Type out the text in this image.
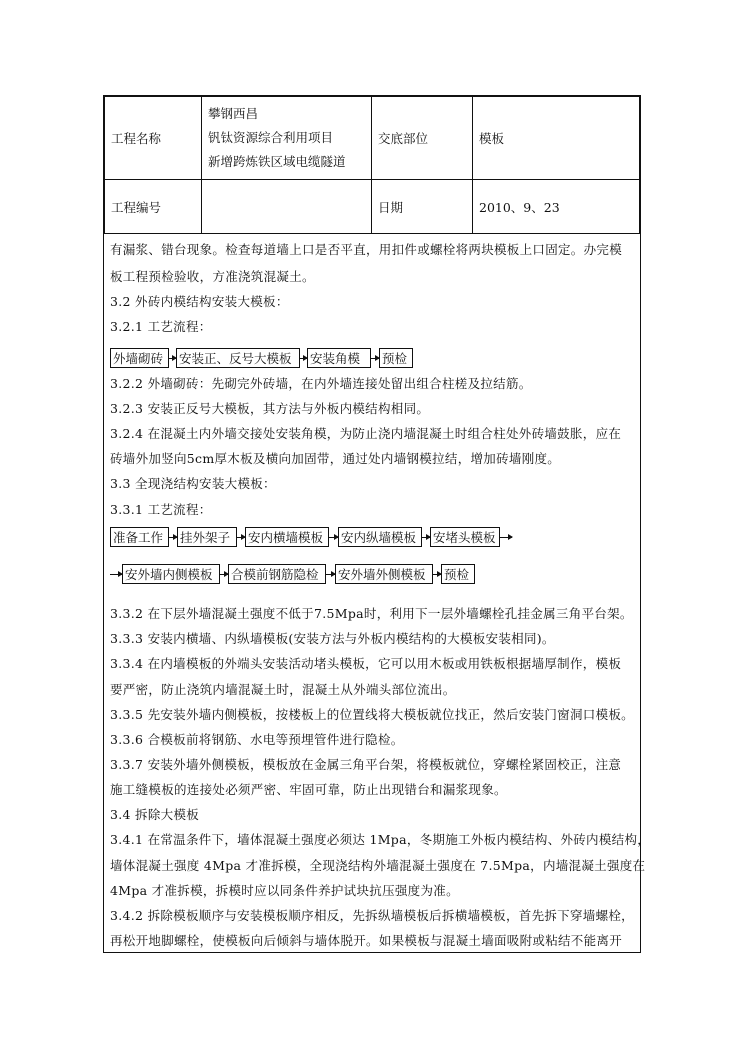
工程名称	攀钢西昌
钒钛资源综合利用项目
新增跨炼铁区域电缆隧道	交底部位	模板
工程编号		日期	2010、9、23
有漏浆、错台现象。检查每道墙上口是否平直，用扣件或螺栓将两块模板上口固定。办完模
板工程预检验收，方准浇筑混凝土。
3.2 外砖内模结构安装大模板：
3.2.1 工艺流程：
外墙砌砖	安装正、反号大模板	安装角模	预检
3.2.2 外墙砌砖：先砌完外砖墙，在内外墙连接处留出组合柱槎及拉结筋。
3.2.3 安装正反号大模板，其方法与外板内模结构相同。
3.2.4 在混凝土内外墙交接处安装角模，为防止浇内墙混凝土时组合柱处外砖墙鼓胀，应在
砖墙外加竖向5cm厚木板及横向加固带，通过处内墙钢模拉结，增加砖墙刚度。
3.3 全现浇结构安装大模板：
3.3.1 工艺流程：
准备工作	挂外架子	安内横墙模板	安内纵墙模板	安堵头模板
安外墙内侧模板	合模前钢筋隐检	安外墙外侧模板	预检
3.3.2 在下层外墙混凝土强度不低于7.5Mpa时，利用下一层外墙螺栓孔挂金属三角平台架。
3.3.3 安装内横墙、内纵墙模板(安装方法与外板内模结构的大模板安装相同)。
3.3.4 在内墙模板的外端头安装活动堵头模板，它可以用木板或用铁板根据墙厚制作，模板
要严密，防止浇筑内墙混凝土时，混凝土从外端头部位流出。
3.3.5 先安装外墙内侧模板，按楼板上的位置线将大模板就位找正，然后安装门窗洞口模板。
3.3.6 合模板前将钢筋、水电等预埋管件进行隐检。
3.3.7 安装外墙外侧模板，模板放在金属三角平台架，将模板就位，穿螺栓紧固校正，注意
施工缝模板的连接处必须严密、牢固可靠，防止出现错台和漏浆现象。
3.4 拆除大模板
3.4.1 在常温条件下，墙体混凝土强度必须达 1Mpa，冬期施工外板内模结构、外砖内模结构，
墙体混凝土强度 4Mpa 才准拆模，全现浇结构外墙混凝土强度在 7.5Mpa，内墙混凝土强度在
4Mpa 才准拆模，拆模时应以同条件养护试块抗压强度为准。
3.4.2 拆除模板顺序与安装模板顺序相反，先拆纵墙模板后拆横墙模板，首先拆下穿墙螺栓，
再松开地脚螺栓，使模板向后倾斜与墙体脱开。如果模板与混凝土墙面吸附或粘结不能离开
